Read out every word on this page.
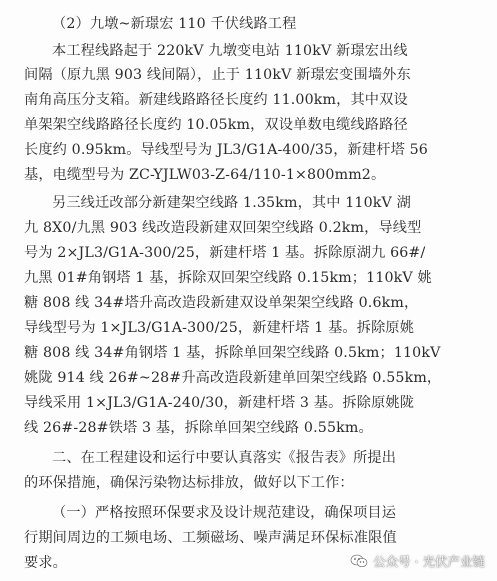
（2）九墩~新璟宏 110 千伏线路工程
本工程线路起于 220kV 九墩变电站 110kV 新璟宏出线
间隔（原九黑 903 线间隔），止于 110kV 新璟宏变围墙外东
南角高压分支箱。新建线路路径长度约 11.00km，其中双设
单架架空线路路径长度约 10.05km，双设单数电缆线路路径
长度约 0.95km。导线型号为 JL3/G1A-400/35，新建杆塔 56
基，电缆型号为 ZC-YJLW03-Z-64/110-1×800mm2。
另三线迁改部分新建架空线路 1.35km，其中 110kV 湖
九 8X0/九黑 903 线改造段新建双回架空线路 0.2km，导线型
号为 2×JL3/G1A-300/25，新建杆塔 1 基。拆除原湖九 66#/
九黑 01#角钢塔 1 基，拆除双回架空线路 0.15km；110kV 姚
糖 808 线 34#塔升高改造段新建双设单架架空线路 0.6km，
导线型号为 1×JL3/G1A-300/25，新建杆塔 1 基。拆除原姚
糖 808 线 34#角钢塔 1 基，拆除单回架空线路 0.5km；110kV
姚陇 914 线 26#~28#升高改造段新建单回架空线路 0.55km，
导线采用 1×JL3/G1A-240/30，新建杆塔 3 基。拆除原姚陇
线 26#-28#铁塔 3 基，拆除单回架空线路 0.55km。
二、在工程建设和运行中要认真落实《报告表》所提出
的环保措施，确保污染物达标排放，做好以下工作：
（一）严格按照环保要求及设计规范建设，确保项目运
行期间周边的工频电场、工频磁场、噪声满足环保标准限值
要求。	公众号 · 光伏产业链
